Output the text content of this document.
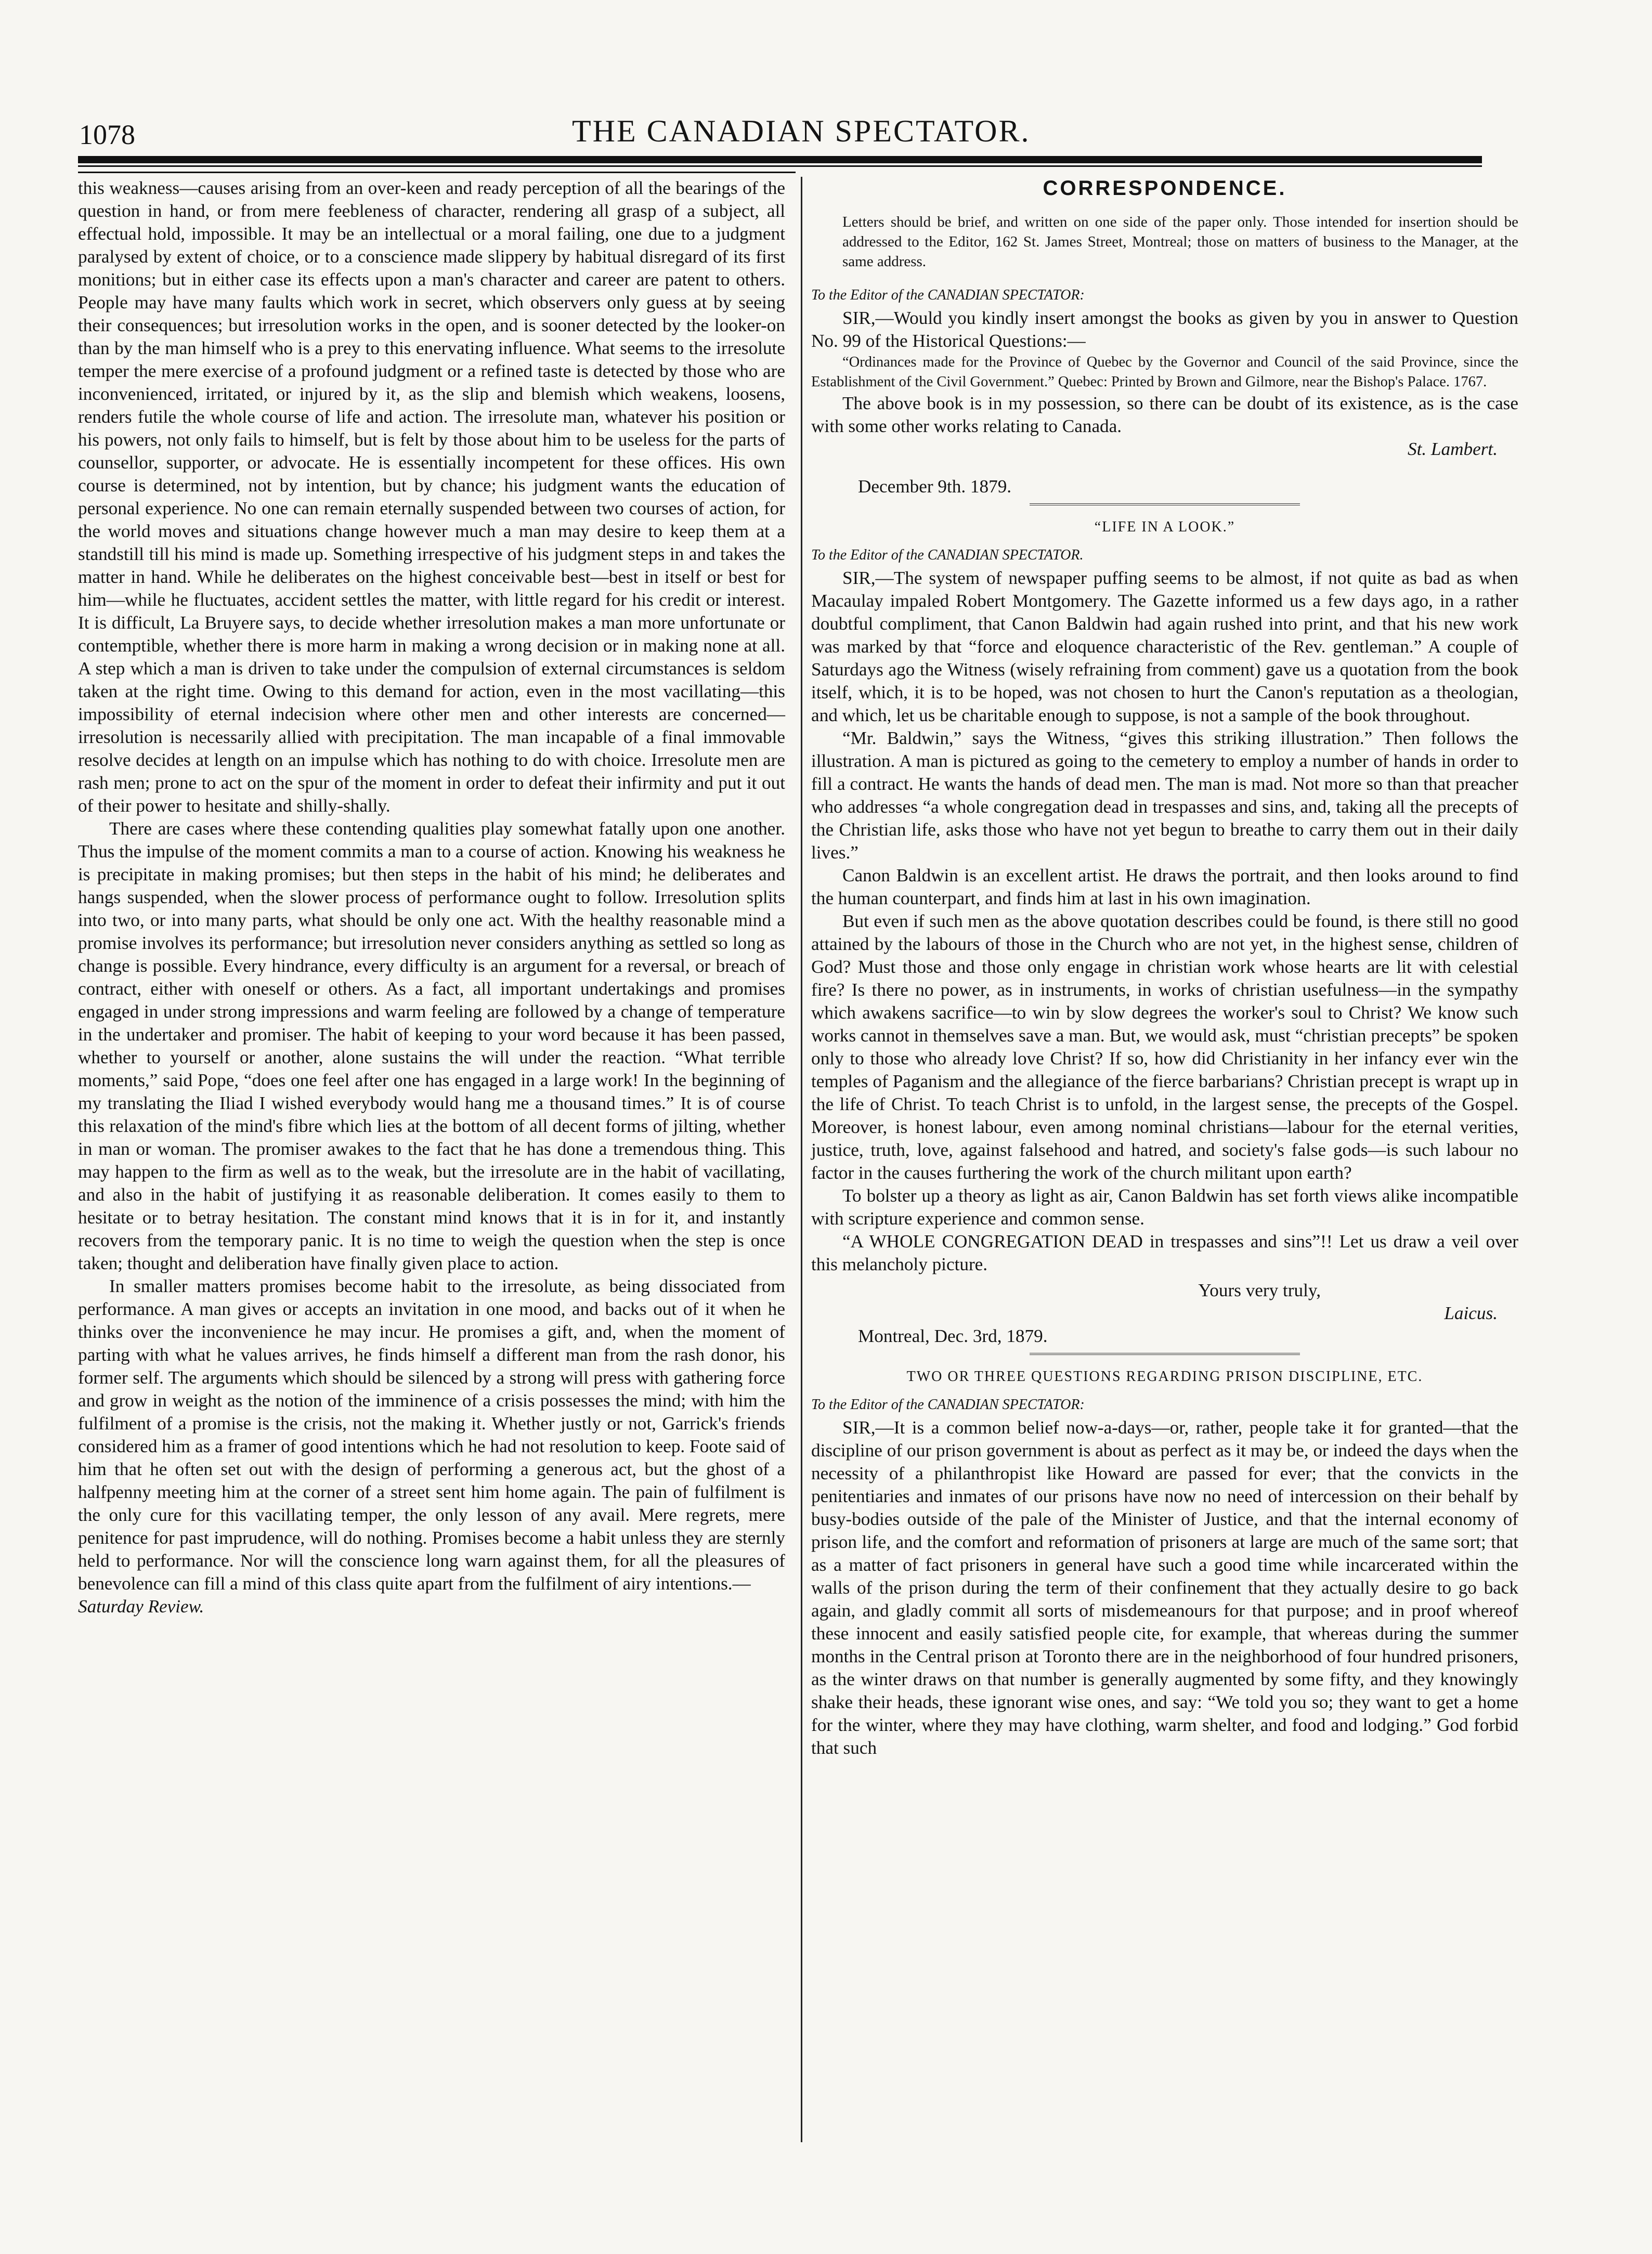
1078	THE CANADIAN SPECTATOR.

this weakness—causes arising from an over-keen and ready perception of all the bearings of the question in hand, or from mere feebleness of character, rendering all grasp of a subject, all effectual hold, impossible. It may be an intellectual or a moral failing, one due to a judgment paralysed by extent of choice, or to a conscience made slippery by habitual disregard of its first monitions; but in either case its effects upon a man's character and career are patent to others. People may have many faults which work in secret, which observers only guess at by seeing their consequences; but irresolution works in the open, and is sooner detected by the looker-on than by the man himself who is a prey to this enervating influence. What seems to the irresolute temper the mere exercise of a profound judgment or a refined taste is detected by those who are inconvenienced, irritated, or injured by it, as the slip and blemish which weakens, loosens, renders futile the whole course of life and action. The irresolute man, whatever his position or his powers, not only fails to himself, but is felt by those about him to be useless for the parts of counsellor, supporter, or advocate. He is essentially incompetent for these offices. His own course is determined, not by intention, but by chance; his judgment wants the education of personal experience. No one can remain eternally suspended between two courses of action, for the world moves and situations change however much a man may desire to keep them at a standstill till his mind is made up. Something irrespective of his judgment steps in and takes the matter in hand. While he deliberates on the highest conceivable best—best in itself or best for him—while he fluctuates, accident settles the matter, with little regard for his credit or interest. It is difficult, La Bruyere says, to decide whether irresolution makes a man more unfortunate or contemptible, whether there is more harm in making a wrong decision or in making none at all. A step which a man is driven to take under the compulsion of external circumstances is seldom taken at the right time. Owing to this demand for action, even in the most vacillating—this impossibility of eternal indecision where other men and other interests are concerned—irresolution is necessarily allied with precipitation. The man incapable of a final immovable resolve decides at length on an impulse which has nothing to do with choice. Irresolute men are rash men; prone to act on the spur of the moment in order to defeat their infirmity and put it out of their power to hesitate and shilly-shally.

There are cases where these contending qualities play somewhat fatally upon one another. Thus the impulse of the moment commits a man to a course of action. Knowing his weakness he is precipitate in making promises; but then steps in the habit of his mind; he deliberates and hangs suspended, when the slower process of performance ought to follow. Irresolution splits into two, or into many parts, what should be only one act. With the healthy reasonable mind a promise involves its performance; but irresolution never considers anything as settled so long as change is possible. Every hindrance, every difficulty is an argument for a reversal, or breach of contract, either with oneself or others. As a fact, all important undertakings and promises engaged in under strong impressions and warm feeling are followed by a change of temperature in the undertaker and promiser. The habit of keeping to your word because it has been passed, whether to yourself or another, alone sustains the will under the reaction. “What terrible moments,” said Pope, “does one feel after one has engaged in a large work! In the beginning of my translating the Iliad I wished everybody would hang me a thousand times.” It is of course this relaxation of the mind's fibre which lies at the bottom of all decent forms of jilting, whether in man or woman. The promiser awakes to the fact that he has done a tremendous thing. This may happen to the firm as well as to the weak, but the irresolute are in the habit of vacillating, and also in the habit of justifying it as reasonable deliberation. It comes easily to them to hesitate or to betray hesitation. The constant mind knows that it is in for it, and instantly recovers from the temporary panic. It is no time to weigh the question when the step is once taken; thought and deliberation have finally given place to action.

In smaller matters promises become habit to the irresolute, as being dissociated from performance. A man gives or accepts an invitation in one mood, and backs out of it when he thinks over the inconvenience he may incur. He promises a gift, and, when the moment of parting with what he values arrives, he finds himself a different man from the rash donor, his former self. The arguments which should be silenced by a strong will press with gathering force and grow in weight as the notion of the imminence of a crisis possesses the mind; with him the fulfilment of a promise is the crisis, not the making it. Whether justly or not, Garrick's friends considered him as a framer of good intentions which he had not resolution to keep. Foote said of him that he often set out with the design of performing a generous act, but the ghost of a halfpenny meeting him at the corner of a street sent him home again. The pain of fulfilment is the only cure for this vacillating temper, the only lesson of any avail. Mere regrets, mere penitence for past imprudence, will do nothing. Promises become a habit unless they are sternly held to performance. Nor will the conscience long warn against them, for all the pleasures of benevolence can fill a mind of this class quite apart from the fulfilment of airy intentions.—

Saturday Review.

CORRESPONDENCE.

Letters should be brief, and written on one side of the paper only. Those intended for insertion should be addressed to the Editor, 162 St. James Street, Montreal; those on matters of business to the Manager, at the same address.

To the Editor of the CANADIAN SPECTATOR:

SIR,—Would you kindly insert amongst the books as given by you in answer to Question No. 99 of the Historical Questions:—

“Ordinances made for the Province of Quebec by the Governor and Council of the said Province, since the Establishment of the Civil Government.” Quebec: Printed by Brown and Gilmore, near the Bishop's Palace. 1767.

The above book is in my possession, so there can be doubt of its existence, as is the case with some other works relating to Canada.

St. Lambert.

December 9th. 1879.

“LIFE IN A LOOK.”

To the Editor of the CANADIAN SPECTATOR.

SIR,—The system of newspaper puffing seems to be almost, if not quite as bad as when Macaulay impaled Robert Montgomery. The Gazette informed us a few days ago, in a rather doubtful compliment, that Canon Baldwin had again rushed into print, and that his new work was marked by that “force and eloquence characteristic of the Rev. gentleman.” A couple of Saturdays ago the Witness (wisely refraining from comment) gave us a quotation from the book itself, which, it is to be hoped, was not chosen to hurt the Canon's reputation as a theologian, and which, let us be charitable enough to suppose, is not a sample of the book throughout.

“Mr. Baldwin,” says the Witness, “gives this striking illustration.” Then follows the illustration. A man is pictured as going to the cemetery to employ a number of hands in order to fill a contract. He wants the hands of dead men. The man is mad. Not more so than that preacher who addresses “a whole congregation dead in trespasses and sins, and, taking all the precepts of the Christian life, asks those who have not yet begun to breathe to carry them out in their daily lives.”

Canon Baldwin is an excellent artist. He draws the portrait, and then looks around to find the human counterpart, and finds him at last in his own imagination.

But even if such men as the above quotation describes could be found, is there still no good attained by the labours of those in the Church who are not yet, in the highest sense, children of God? Must those and those only engage in christian work whose hearts are lit with celestial fire? Is there no power, as in instruments, in works of christian usefulness—in the sympathy which awakens sacrifice—to win by slow degrees the worker's soul to Christ? We know such works cannot in themselves save a man. But, we would ask, must “christian precepts” be spoken only to those who already love Christ? If so, how did Christianity in her infancy ever win the temples of Paganism and the allegiance of the fierce barbarians? Christian precept is wrapt up in the life of Christ. To teach Christ is to unfold, in the largest sense, the precepts of the Gospel. Moreover, is honest labour, even among nominal christians—labour for the eternal verities, justice, truth, love, against falsehood and hatred, and society's false gods—is such labour no factor in the causes furthering the work of the church militant upon earth?

To bolster up a theory as light as air, Canon Baldwin has set forth views alike incompatible with scripture experience and common sense.

“A WHOLE CONGREGATION DEAD in trespasses and sins”!! Let us draw a veil over this melancholy picture.

Yours very truly,

Laicus.

Montreal, Dec. 3rd, 1879.

TWO OR THREE QUESTIONS REGARDING PRISON DISCIPLINE, ETC.

To the Editor of the CANADIAN SPECTATOR:

SIR,—It is a common belief now-a-days—or, rather, people take it for granted—that the discipline of our prison government is about as perfect as it may be, or indeed the days when the necessity of a philanthropist like Howard are passed for ever; that the convicts in the penitentiaries and inmates of our prisons have now no need of intercession on their behalf by busy-bodies outside of the pale of the Minister of Justice, and that the internal economy of prison life, and the comfort and reformation of prisoners at large are much of the same sort; that as a matter of fact prisoners in general have such a good time while incarcerated within the walls of the prison during the term of their confinement that they actually desire to go back again, and gladly commit all sorts of misdemeanours for that purpose; and in proof whereof these innocent and easily satisfied people cite, for example, that whereas during the summer months in the Central prison at Toronto there are in the neighborhood of four hundred prisoners, as the winter draws on that number is generally augmented by some fifty, and they knowingly shake their heads, these ignorant wise ones, and say: “We told you so; they want to get a home for the winter, where they may have clothing, warm shelter, and food and lodging.” God forbid that such
